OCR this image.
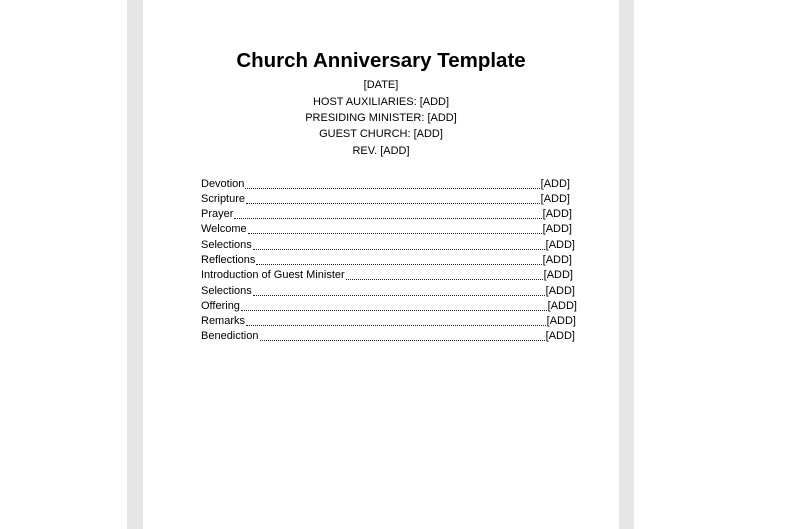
Church Anniversary Template
[DATE]
HOST AUXILIARIES: [ADD]
PRESIDING MINISTER: [ADD]
GUEST CHURCH: [ADD]
REV. [ADD]
Devotion	[ADD]
Scripture	[ADD]
Prayer	[ADD]
Welcome	[ADD]
Selections	[ADD]
Reflections	[ADD]
Introduction of Guest Minister	[ADD]
Selections	[ADD]
Offering	[ADD]
Remarks	[ADD]
Benediction	[ADD]
